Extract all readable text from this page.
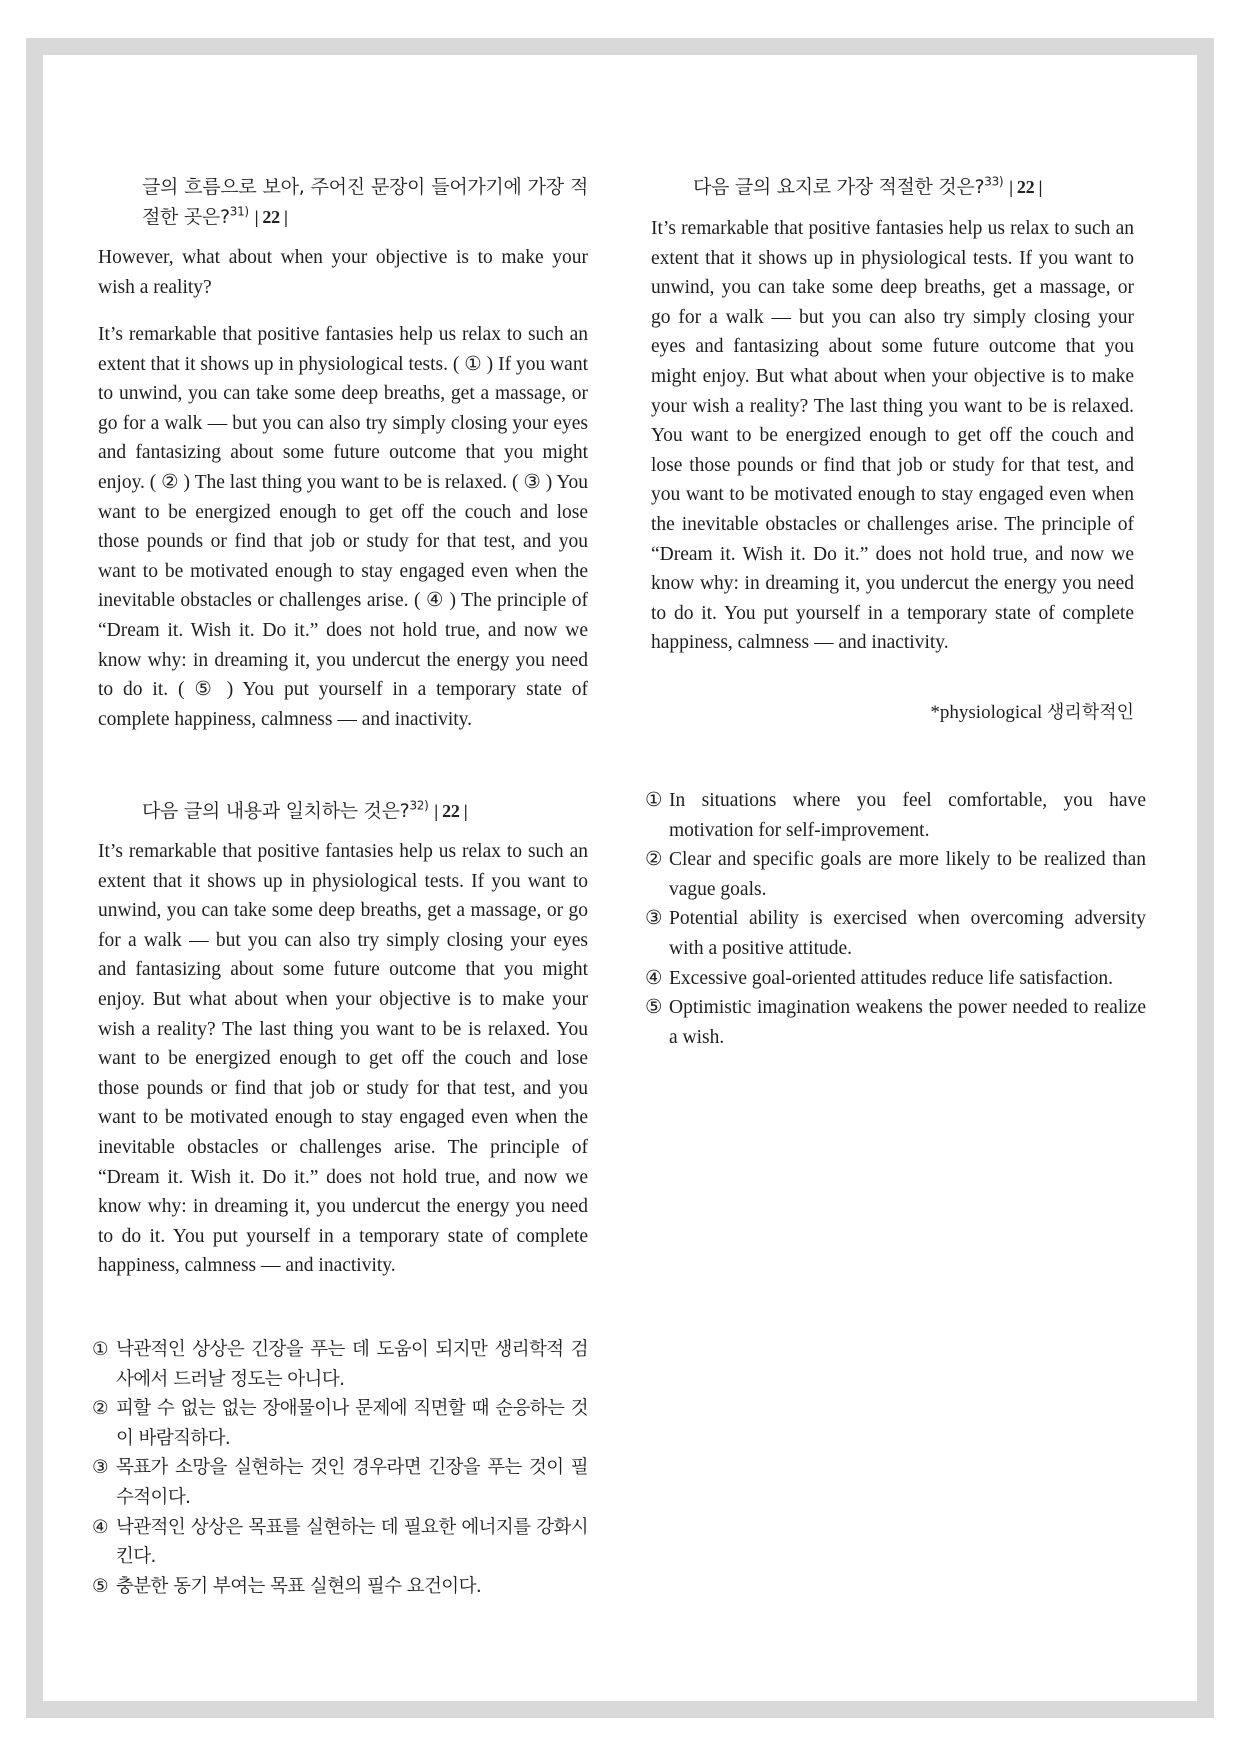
글의 흐름으로 보아, 주어진 문장이 들어가기에 가장 적절한 곳은?$^{31)}$ | 22 |

However, what about when your objective is to make your wish a reality?

It’s remarkable that positive fantasies help us relax to such an extent that it shows up in physiological tests. ( ① ) If you want to unwind, you can take some deep breaths, get a massage, or go for a walk — but you can also try simply closing your eyes and fantasizing about some future outcome that you might enjoy. ( ② ) The last thing you want to be is relaxed. ( ③ ) You want to be energized enough to get off the couch and lose those pounds or find that job or study for that test, and you want to be motivated enough to stay engaged even when the inevitable obstacles or challenges arise. ( ④ ) The principle of “Dream it. Wish it. Do it.” does not hold true, and now we know why: in dreaming it, you undercut the energy you need to do it. ( ⑤ ) You put yourself in a temporary state of complete happiness, calmness — and inactivity.

다음 글의 내용과 일치하는 것은?$^{32)}$ | 22 |

It’s remarkable that positive fantasies help us relax to such an extent that it shows up in physiological tests. If you want to unwind, you can take some deep breaths, get a massage, or go for a walk — but you can also try simply closing your eyes and fantasizing about some future outcome that you might enjoy. But what about when your objective is to make your wish a reality? The last thing you want to be is relaxed. You want to be energized enough to get off the couch and lose those pounds or find that job or study for that test, and you want to be motivated enough to stay engaged even when the inevitable obstacles or challenges arise. The principle of “Dream it. Wish it. Do it.” does not hold true, and now we know why: in dreaming it, you undercut the energy you need to do it. You put yourself in a temporary state of complete happiness, calmness — and inactivity.

① 낙관적인 상상은 긴장을 푸는 데 도움이 되지만 생리학적 검사에서 드러날 정도는 아니다.
② 피할 수 없는 없는 장애물이나 문제에 직면할 때 순응하는 것이 바람직하다.
③ 목표가 소망을 실현하는 것인 경우라면 긴장을 푸는 것이 필수적이다.
④ 낙관적인 상상은 목표를 실현하는 데 필요한 에너지를 강화시킨다.
⑤ 충분한 동기 부여는 목표 실현의 필수 요건이다.
다음 글의 요지로 가장 적절한 것은?$^{33)}$ | 22 |

It’s remarkable that positive fantasies help us relax to such an extent that it shows up in physiological tests. If you want to unwind, you can take some deep breaths, get a massage, or go for a walk — but you can also try simply closing your eyes and fantasizing about some future outcome that you might enjoy. But what about when your objective is to make your wish a reality? The last thing you want to be is relaxed. You want to be energized enough to get off the couch and lose those pounds or find that job or study for that test, and you want to be motivated enough to stay engaged even when the inevitable obstacles or challenges arise. The principle of “Dream it. Wish it. Do it.” does not hold true, and now we know why: in dreaming it, you undercut the energy you need to do it. You put yourself in a temporary state of complete happiness, calmness — and inactivity.

*physiological 생리학적인
① In situations where you feel comfortable, you have motivation for self-improvement.
② Clear and specific goals are more likely to be realized than vague goals.
③ Potential ability is exercised when overcoming adversity with a positive attitude.
④ Excessive goal-oriented attitudes reduce life satisfaction.
⑤ Optimistic imagination weakens the power needed to realize a wish.
